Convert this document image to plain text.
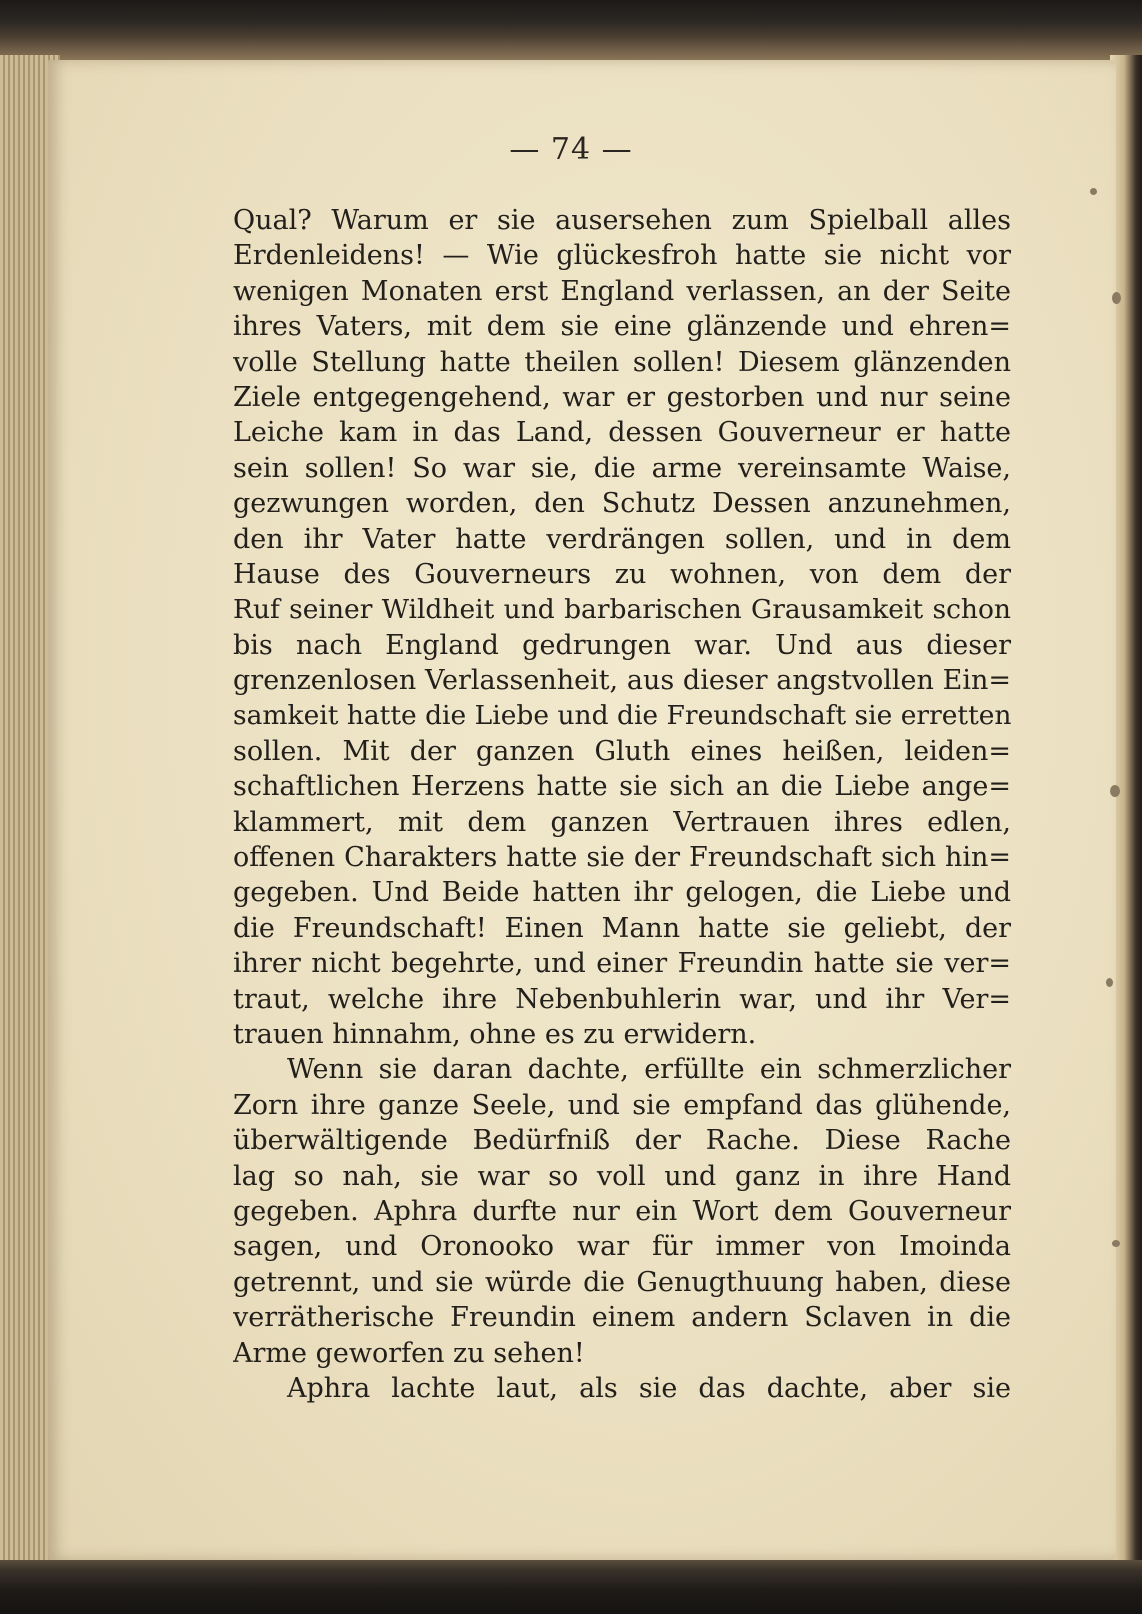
— 74 —
Qual? Warum er sie ausersehen zum Spielball alles
Erdenleidens! — Wie glückesfroh hatte sie nicht vor
wenigen Monaten erst England verlassen, an der Seite
ihres Vaters, mit dem sie eine glänzende und ehren=
volle Stellung hatte theilen sollen! Diesem glänzenden
Ziele entgegengehend, war er gestorben und nur seine
Leiche kam in das Land, dessen Gouverneur er hatte
sein sollen! So war sie, die arme vereinsamte Waise,
gezwungen worden, den Schutz Dessen anzunehmen,
den ihr Vater hatte verdrängen sollen, und in dem
Hause des Gouverneurs zu wohnen, von dem der
Ruf seiner Wildheit und barbarischen Grausamkeit schon
bis nach England gedrungen war. Und aus dieser
grenzenlosen Verlassenheit, aus dieser angstvollen Ein=
samkeit hatte die Liebe und die Freundschaft sie erretten
sollen. Mit der ganzen Gluth eines heißen, leiden=
schaftlichen Herzens hatte sie sich an die Liebe ange=
klammert, mit dem ganzen Vertrauen ihres edlen,
offenen Charakters hatte sie der Freundschaft sich hin=
gegeben. Und Beide hatten ihr gelogen, die Liebe und
die Freundschaft! Einen Mann hatte sie geliebt, der
ihrer nicht begehrte, und einer Freundin hatte sie ver=
traut, welche ihre Nebenbuhlerin war, und ihr Ver=
trauen hinnahm, ohne es zu erwidern.
Wenn sie daran dachte, erfüllte ein schmerzlicher
Zorn ihre ganze Seele, und sie empfand das glühende,
überwältigende Bedürfniß der Rache. Diese Rache
lag so nah, sie war so voll und ganz in ihre Hand
gegeben. Aphra durfte nur ein Wort dem Gouverneur
sagen, und Oronooko war für immer von Imoinda
getrennt, und sie würde die Genugthuung haben, diese
verrätherische Freundin einem andern Sclaven in die
Arme geworfen zu sehen!
Aphra lachte laut, als sie das dachte, aber sie
